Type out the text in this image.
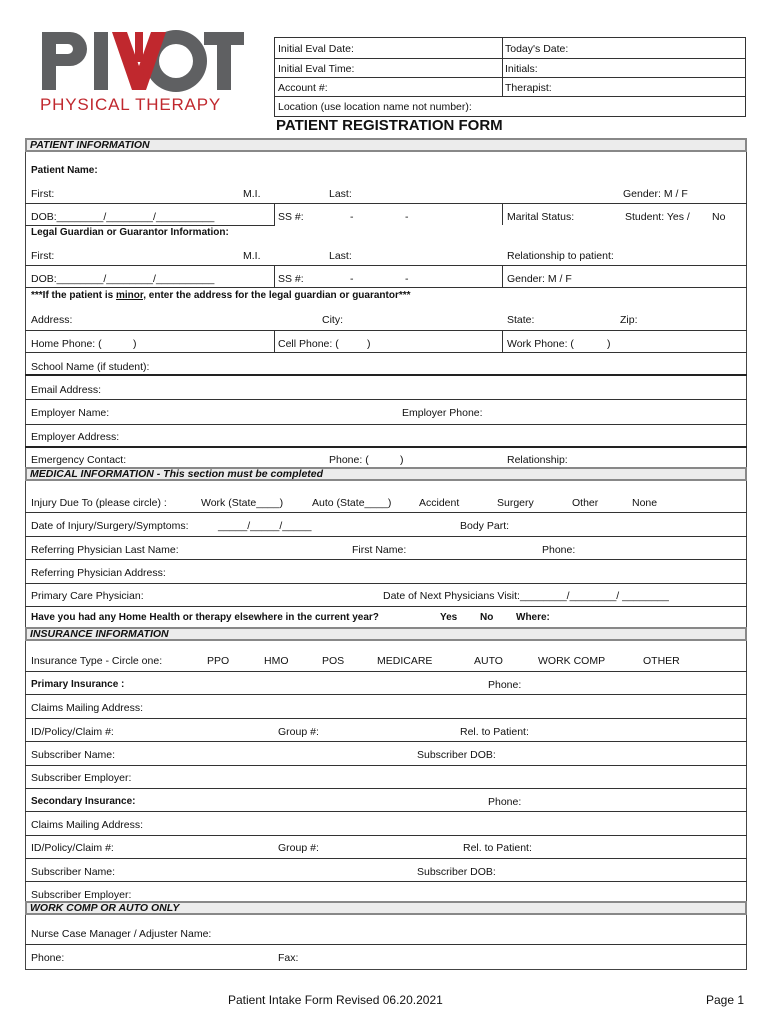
PHYSICAL THERAPY
Initial Eval Date:	Today's Date:
Initial Eval Time:	Initials:
Account #:	Therapist:
Location (use location name not number):
PATIENT REGISTRATION FORM
PATIENT INFORMATION
Patient Name:
First:	M.I.	Last:	Gender: M / F
DOB:________/________/__________	SS #:	-	-	Marital Status:	Student: Yes / No
Legal Guardian or Guarantor Information:
First:	M.I.	Last:	Relationship to patient:
DOB:________/________/__________	SS #:	-	-	Gender: M / F
***If the patient is minor, enter the address for the legal guardian or guarantor***
Address:	City:	State:	Zip:
Home Phone: (	)	Cell Phone: (	)	Work Phone: (	)
School Name (if student):
Email Address:
Employer Name:	Employer Phone:
Employer Address:
Emergency Contact:	Phone: (	)	Relationship:
MEDICAL INFORMATION - This section must be completed
Injury Due To (please circle) :	Work (State____)	Auto (State____)	Accident	Surgery	Other	None
Date of Injury/Surgery/Symptoms:	_____/_____/_____	Body Part:
Referring Physician Last Name:	First Name:	Phone:
Referring Physician Address:
Primary Care Physician:	Date of Next Physicians Visit:________/________/ ________
Have you had any Home Health or therapy elsewhere in the current year?	Yes No Where:
INSURANCE INFORMATION
Insurance Type - Circle one:	PPO	HMO	POS	MEDICARE	AUTO	WORK COMP	OTHER
Primary Insurance :	Phone:
Claims Mailing Address:
ID/Policy/Claim #:	Group #:	Rel. to Patient:
Subscriber Name:	Subscriber DOB:
Subscriber Employer:
Secondary Insurance:	Phone:
Claims Mailing Address:
ID/Policy/Claim #:	Group #:	Rel. to Patient:
Subscriber Name:	Subscriber DOB:
Subscriber Employer:
WORK COMP OR AUTO ONLY
Nurse Case Manager / Adjuster Name:
Phone:	Fax:
Patient Intake Form Revised 06.20.2021	Page 1
